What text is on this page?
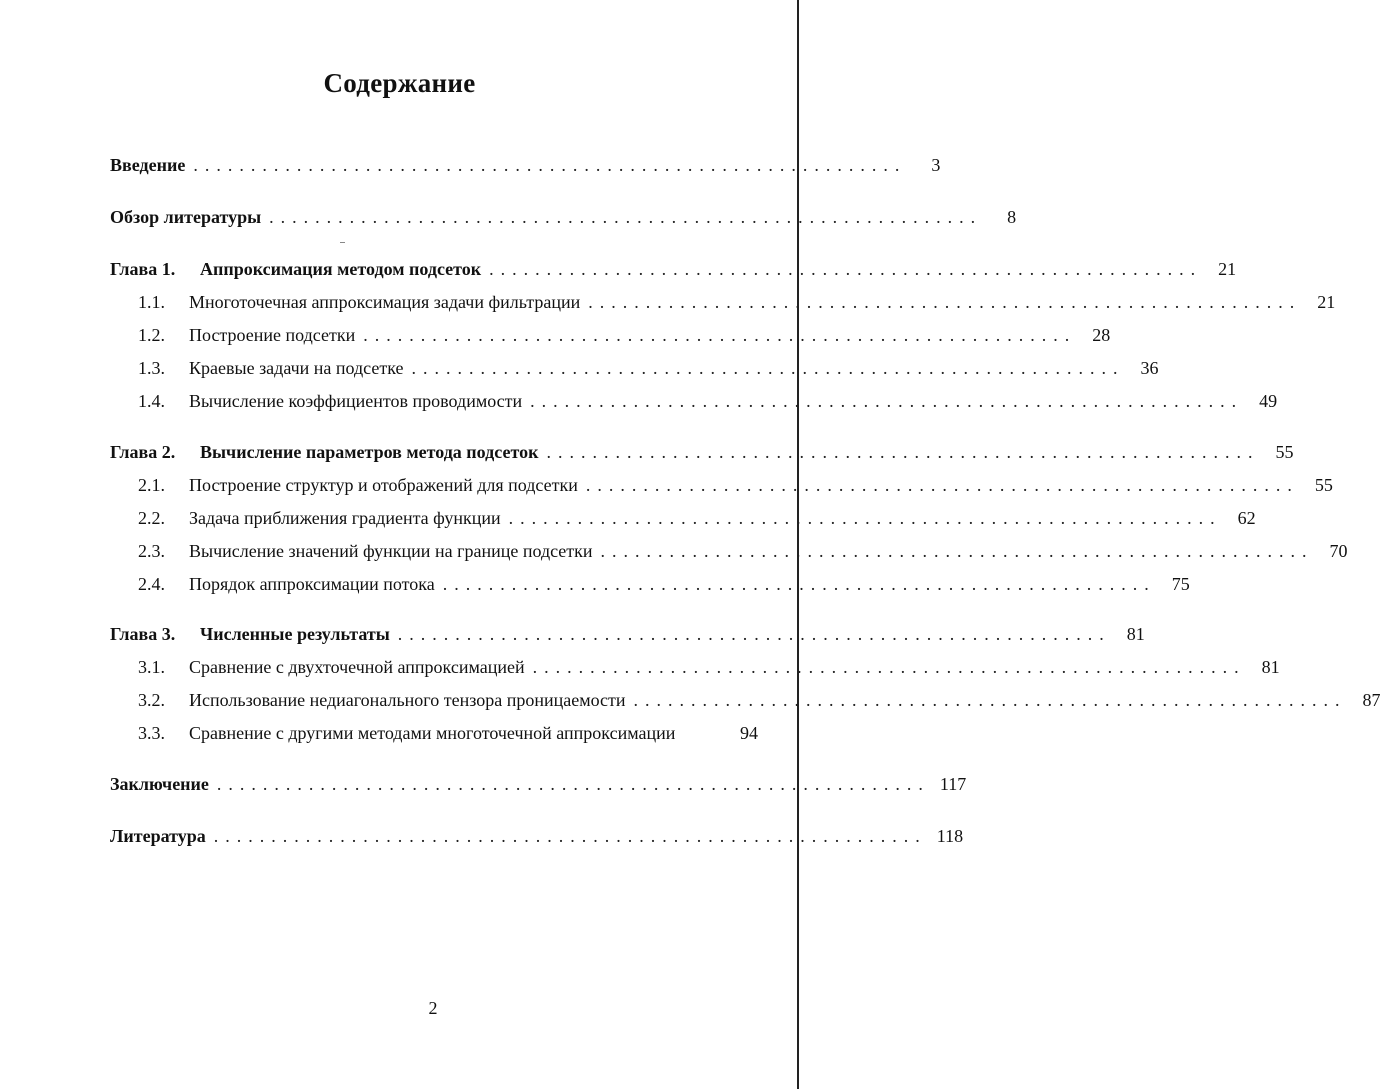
Содержание
Введение ..............................................................	3
Обзор литературы ..............................................................	8
Глава 1.	Аппроксимация методом подсеток .............................................................. 21
1.1.	Многоточечная аппроксимация задачи фильтрации .............................................................. 21
1.2.	Построение подсетки .............................................................. 28
1.3.	Краевые задачи на подсетке .............................................................. 36
1.4.	Вычисление коэффициентов проводимости .............................................................. 49
Глава 2.	Вычисление параметров метода подсеток .............................................................. 55
2.1.	Построение структур и отображений для подсетки .............................................................. 55
2.2.	Задача приближения градиента функции .............................................................. 62
2.3.	Вычисление значений функции на границе подсетки .............................................................. 70
2.4.	Порядок аппроксимации потока .............................................................. 75
Глава 3.	Численные результаты .............................................................. 81
3.1.	Сравнение с двухточечной аппроксимацией .............................................................. 81
3.2.	Использование недиагонального тензора проницаемости .............................................................. 87
3.3.	Сравнение с другими методами многоточечной аппроксимации	94
Заключение .............................................................. 117
Литература .............................................................. 118
2
